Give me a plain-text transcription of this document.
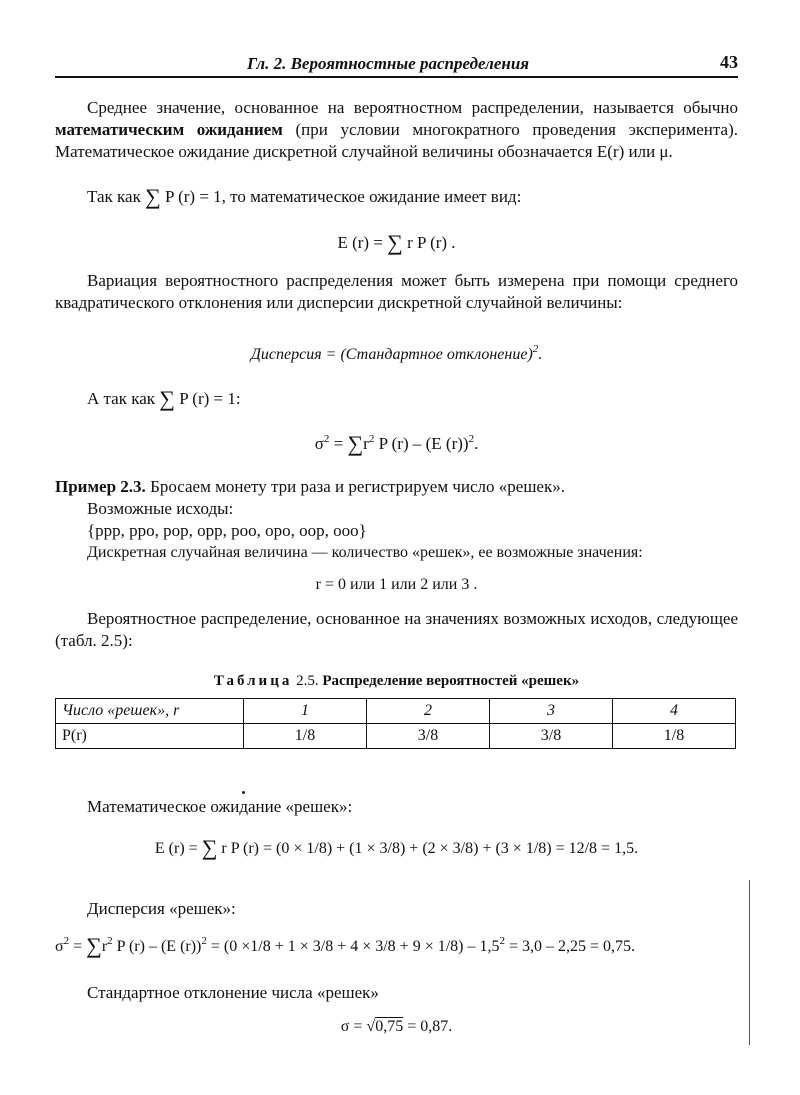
Гл. 2. Вероятностные распределения	43
Среднее значение, основанное на вероятностном распределении, называется обычно математическим ожиданием (при условии многократного проведения эксперимента). Математическое ожидание дискретной случайной величины обозначается E(r) или μ.
Так как ∑ P (r) = 1, то математическое ожидание имеет вид:
E (r) = ∑ r P (r) .
Вариация вероятностного распределения может быть измерена при помощи среднего квадратического отклонения или дисперсии дискретной случайной величины:
Дисперсия = (Стандартное отклонение)$^2$.
А так как ∑ P (r) = 1:
$\sigma^2 = \sum r^2$ P (r) – (E (r))$^2$.
Пример 2.3. Бросаем монету три раза и регистрируем число «решек».
Возможные исходы:
{ppp, ppo, pop, opp, poo, opo, oop, ooo}
Дискретная случайная величина — количество «решек», ее возможные значения:
r = 0 или 1 или 2 или 3 .
Вероятностное распределение, основанное на значениях возможных исходов, следующее (табл. 2.5):
Таблица 2.5. Распределение вероятностей «решек»
Число «решек», r	1	2	3	4
P(r)	1/8	3/8	3/8	1/8
Математическое ожидание «решек»:
E (r) = ∑ r P (r) = (0 × 1/8) + (1 × 3/8) + (2 × 3/8) + (3 × 1/8) = 12/8 = 1,5.
Дисперсия «решек»:
$\sigma^2 = \sum r^2$ P (r) – (E $(r))^2 = (0 \times 1/8 + 1 \times 3/8 + 4 \times 3/8 + 9 \times 1/8) - 1,5^2 = 3,0 - 2,25 = 0,75$.
Стандартное отклонение числа «решек»
σ = √0,75 = 0,87.
